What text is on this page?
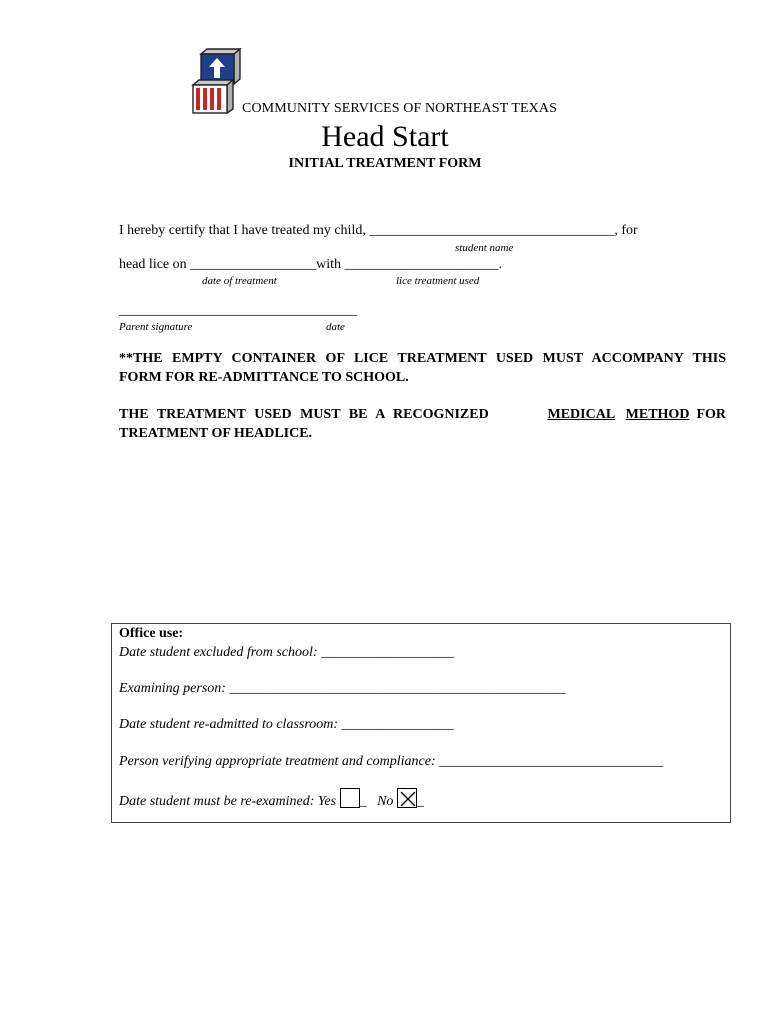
COMMUNITY SERVICES OF NORTHEAST TEXAS
Head Start
INITIAL TREATMENT FORM
I hereby certify that I have treated my child, ___________________________________, for
student name
head lice on __________________with ______________________.
date of treatment	lice treatment used
__________________________________
Parent signature	date
**THE EMPTY CONTAINER OF LICE TREATMENT USED MUST ACCOMPANY THIS
FORM FOR RE-ADMITTANCE TO SCHOOL.
THE TREATMENT USED MUST BE A RECOGNIZED	MEDICAL METHOD FOR
TREATMENT OF HEADLICE.
Office use:
Date student excluded from school: ___________________
Examining person: ________________________________________________
Date student re-admitted to classroom: ________________
Person verifying appropriate treatment and compliance: ________________________________
Date student must be re-examined: Yes _ No _
